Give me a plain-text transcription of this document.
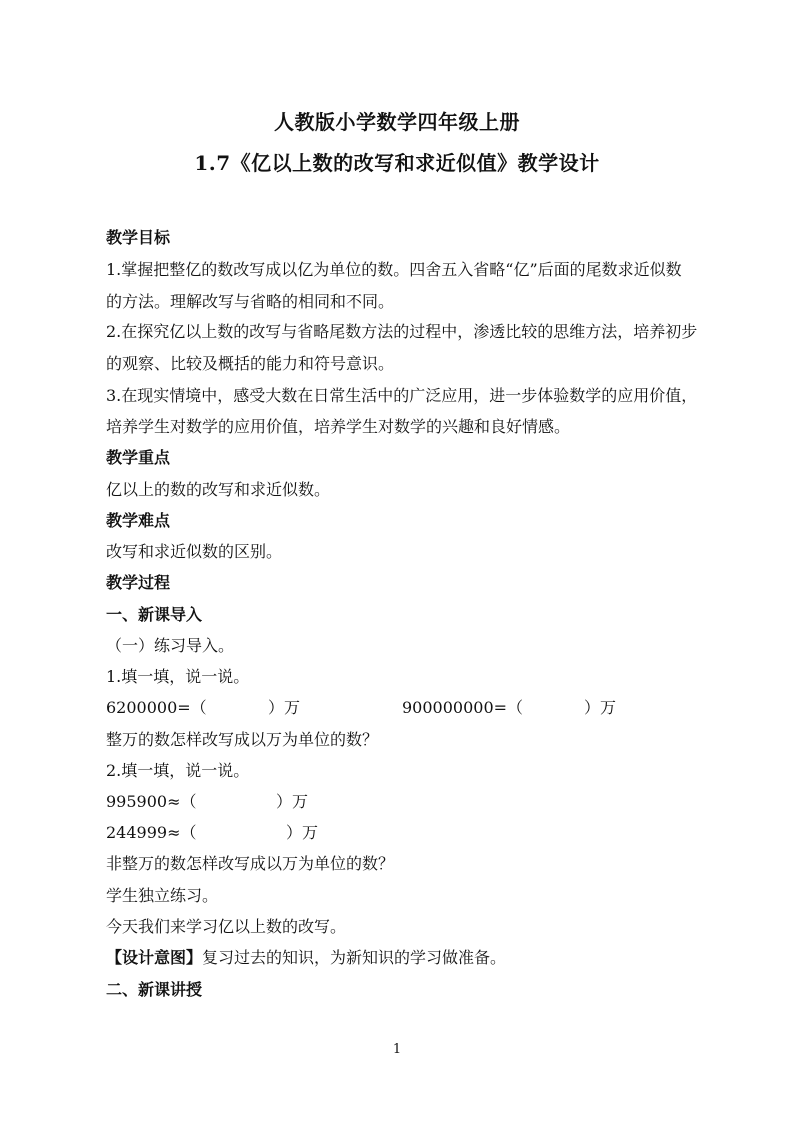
人教版小学数学四年级上册
1.7《亿以上数的改写和求近似值》教学设计
教学目标
1.掌握把整亿的数改写成以亿为单位的数。四舍五入省略“亿”后面的尾数求近似数
的方法。理解改写与省略的相同和不同。
2.在探究亿以上数的改写与省略尾数方法的过程中，渗透比较的思维方法，培养初步
的观察、比较及概括的能力和符号意识。
3.在现实情境中，感受大数在日常生活中的广泛应用，进一步体验数学的应用价值，
培养学生对数学的应用价值，培养学生对数学的兴趣和良好情感。
教学重点
亿以上的数的改写和求近似数。
教学难点
改写和求近似数的区别。
教学过程
一、新课导入
（一）练习导入。
1.填一填，说一说。
6200000=（	）万	900000000=（	）万
整万的数怎样改写成以万为单位的数？
2.填一填，说一说。
995900≈（	）万
244999≈（	）万
非整万的数怎样改写成以万为单位的数？
学生独立练习。
今天我们来学习亿以上数的改写。
【设计意图】复习过去的知识，为新知识的学习做准备。
二、新课讲授
1
